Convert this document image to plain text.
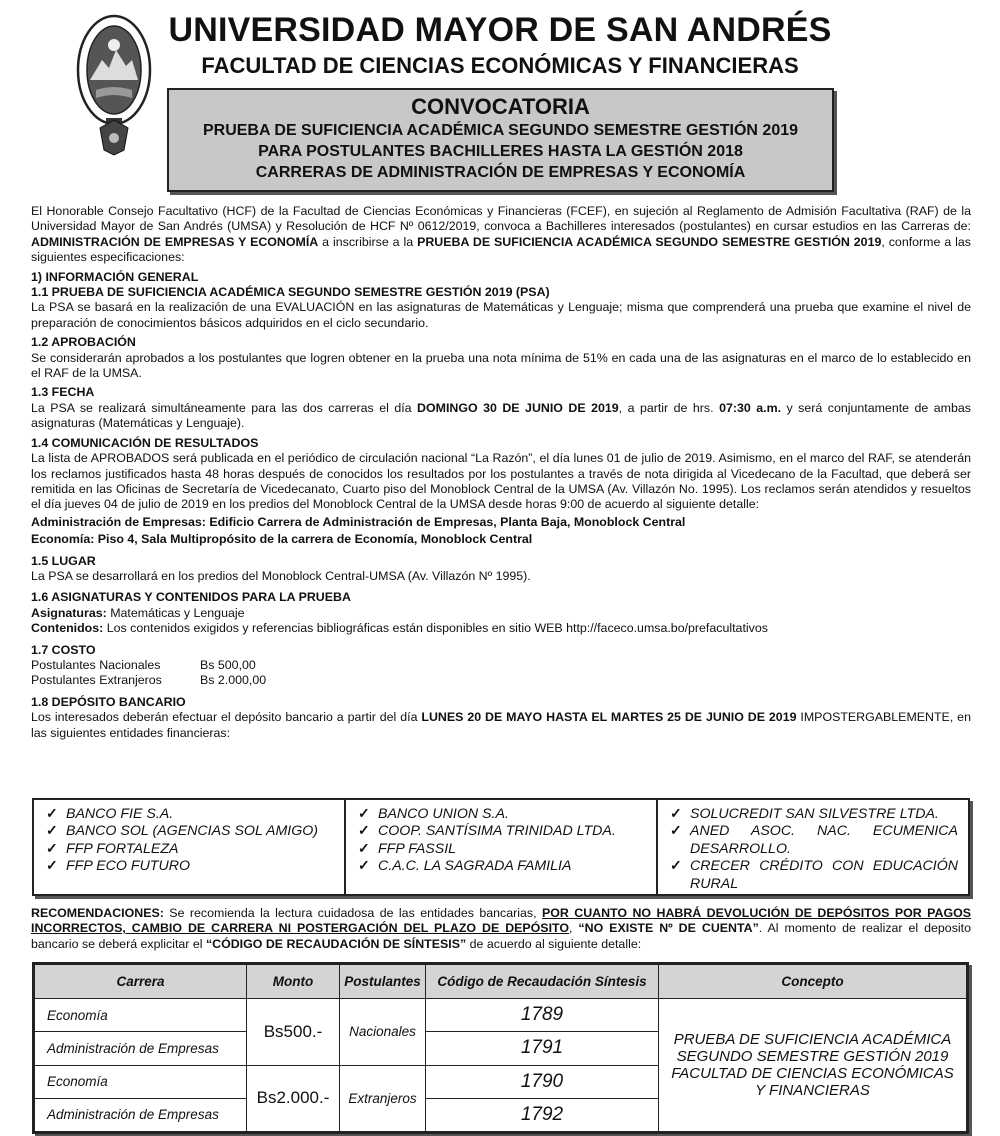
UNIVERSIDAD MAYOR DE SAN ANDRÉS
FACULTAD DE CIENCIAS ECONÓMICAS Y FINANCIERAS
CONVOCATORIA
PRUEBA DE SUFICIENCIA ACADÉMICA SEGUNDO SEMESTRE GESTIÓN 2019
PARA POSTULANTES BACHILLERES HASTA LA GESTIÓN 2018
CARRERAS DE ADMINISTRACIÓN DE EMPRESAS Y ECONOMÍA

El Honorable Consejo Facultativo (HCF) de la Facultad de Ciencias Económicas y Financieras (FCEF), en sujeción al Reglamento de Admisión Facultativa (RAF) de la Universidad Mayor de San Andrés (UMSA) y Resolución de HCF Nº 0612/2019, convoca a Bachilleres interesados (postulantes) en cursar estudios en las Carreras de: ADMINISTRACIÓN DE EMPRESAS Y ECONOMÍA a inscribirse a la PRUEBA DE SUFICIENCIA ACADÉMICA SEGUNDO SEMESTRE GESTIÓN 2019, conforme a las siguientes especificaciones:

1) INFORMACIÓN GENERAL
1.1 PRUEBA DE SUFICIENCIA ACADÉMICA SEGUNDO SEMESTRE GESTIÓN 2019 (PSA)

La PSA se basará en la realización de una EVALUACIÓN en las asignaturas de Matemáticas y Lenguaje; misma que comprenderá una prueba que examine el nivel de preparación de conocimientos básicos adquiridos en el ciclo secundario.

1.2 APROBACIÓN

Se considerarán aprobados a los postulantes que logren obtener en la prueba una nota mínima de 51% en cada una de las asignaturas en el marco de lo establecido en el RAF de la UMSA.

1.3 FECHA

La PSA se realizará simultáneamente para las dos carreras el día DOMINGO 30 DE JUNIO DE 2019, a partir de hrs. 07:30 a.m. y será conjuntamente de ambas asignaturas (Matemáticas y Lenguaje).

1.4 COMUNICACIÓN DE RESULTADOS

La lista de APROBADOS será publicada en el periódico de circulación nacional “La Razón”, el día lunes 01 de julio de 2019. Asimismo, en el marco del RAF, se atenderán los reclamos justificados hasta 48 horas después de conocidos los resultados por los postulantes a través de nota dirigida al Vicedecano de la Facultad, que deberá ser remitida en las Oficinas de Secretaría de Vicedecanato, Cuarto piso del Monoblock Central de la UMSA (Av. Villazón No. 1995). Los reclamos serán atendidos y resueltos el día jueves 04 de julio de 2019 en los predios del Monoblock Central de la UMSA desde horas 9:00 de acuerdo al siguiente detalle:

Administración de Empresas: Edificio Carrera de Administración de Empresas, Planta Baja, Monoblock Central

Economía: Piso 4, Sala Multipropósito de la carrera de Economía, Monoblock Central

1.5 LUGAR

La PSA se desarrollará en los predios del Monoblock Central-UMSA (Av. Villazón Nº 1995).

1.6 ASIGNATURAS Y CONTENIDOS PARA LA PRUEBA

Asignaturas: Matemáticas y Lenguaje

Contenidos: Los contenidos exigidos y referencias bibliográficas están disponibles en sitio WEB http://faceco.umsa.bo/prefacultativos

1.7 COSTO
Postulantes Nacionales	Bs 500,00
Postulantes Extranjeros	Bs 2.000,00
1.8 DEPÓSITO BANCARIO

Los interesados deberán efectuar el depósito bancario a partir del día LUNES 20 DE MAYO HASTA EL MARTES 25 DE JUNIO DE 2019 IMPOSTERGABLEMENTE, en las siguientes entidades financieras:

✓ BANCO FIE S.A.
✓ BANCO SOL (AGENCIAS SOL AMIGO)
✓ FFP FORTALEZA
✓ FFP ECO FUTURO
✓ BANCO UNION S.A.
✓ COOP. SANTÍSIMA TRINIDAD LTDA.
✓ FFP FASSIL
✓ C.A.C. LA SAGRADA FAMILIA
✓ SOLUCREDIT SAN SILVESTRE LTDA.
✓ ANED ASOC. NAC. ECUMENICA DESARROLLO.
✓ CRECER CRÉDITO CON EDUCACIÓN RURAL

RECOMENDACIONES: Se recomienda la lectura cuidadosa de las entidades bancarias, POR CUANTO NO HABRÁ DEVOLUCIÓN DE DEPÓSITOS POR PAGOS INCORRECTOS, CAMBIO DE CARRERA NI POSTERGACIÓN DEL PLAZO DE DEPÓSITO, “NO EXISTE Nº DE CUENTA”. Al momento de realizar el deposito bancario se deberá explicitar el “CÓDIGO DE RECAUDACIÓN DE SÍNTESIS” de acuerdo al siguiente detalle:

Carrera	Monto	Postulantes	Código de Recaudación Síntesis	Concepto
Economía	Bs500.-	Nacionales	1789	PRUEBA DE SUFICIENCIA ACADÉMICA SEGUNDO SEMESTRE GESTIÓN 2019 FACULTAD DE CIENCIAS ECONÓMICAS Y FINANCIERAS
Administración de Empresas			1791	
Economía	Bs2.000.-	Extranjeros	1790	
Administración de Empresas			1792	
